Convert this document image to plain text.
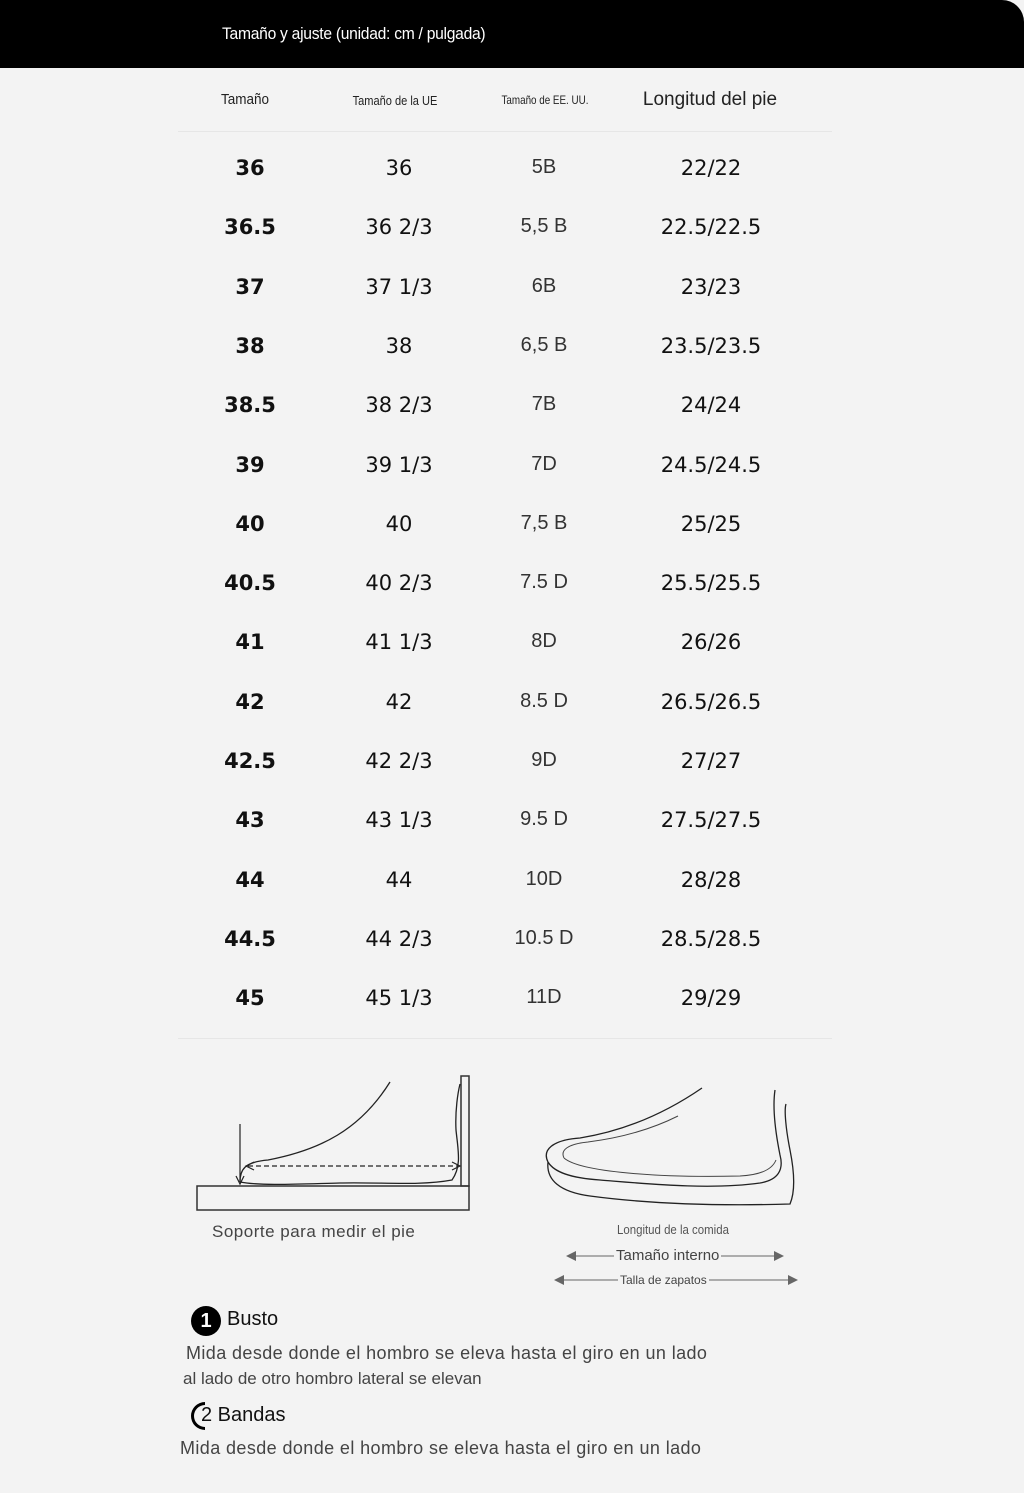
Tamaño y ajuste (unidad: cm / pulgada)
Tamaño	Tamaño de la UE	Tamaño de EE. UU.	Longitud del pie
36	36	5B	22/22
36.5	36 2/3	5,5 B	22.5/22.5
37	37 1/3	6B	23/23
38	38	6,5 B	23.5/23.5
38.5	38 2/3	7B	24/24
39	39 1/3	7D	24.5/24.5
40	40	7,5 B	25/25
40.5	40 2/3	7.5 D	25.5/25.5
41	41 1/3	8D	26/26
42	42	8.5 D	26.5/26.5
42.5	42 2/3	9D	27/27
43	43 1/3	9.5 D	27.5/27.5
44	44	10D	28/28
44.5	44 2/3	10.5 D	28.5/28.5
45	45 1/3	11D	29/29
Soporte para medir el pie	Longitud de la comida
Tamaño interno
Talla de zapatos
1 Busto
Mida desde donde el hombro se eleva hasta el giro en un lado
al lado de otro hombro lateral se elevan
2 Bandas
Mida desde donde el hombro se eleva hasta el giro en un lado
